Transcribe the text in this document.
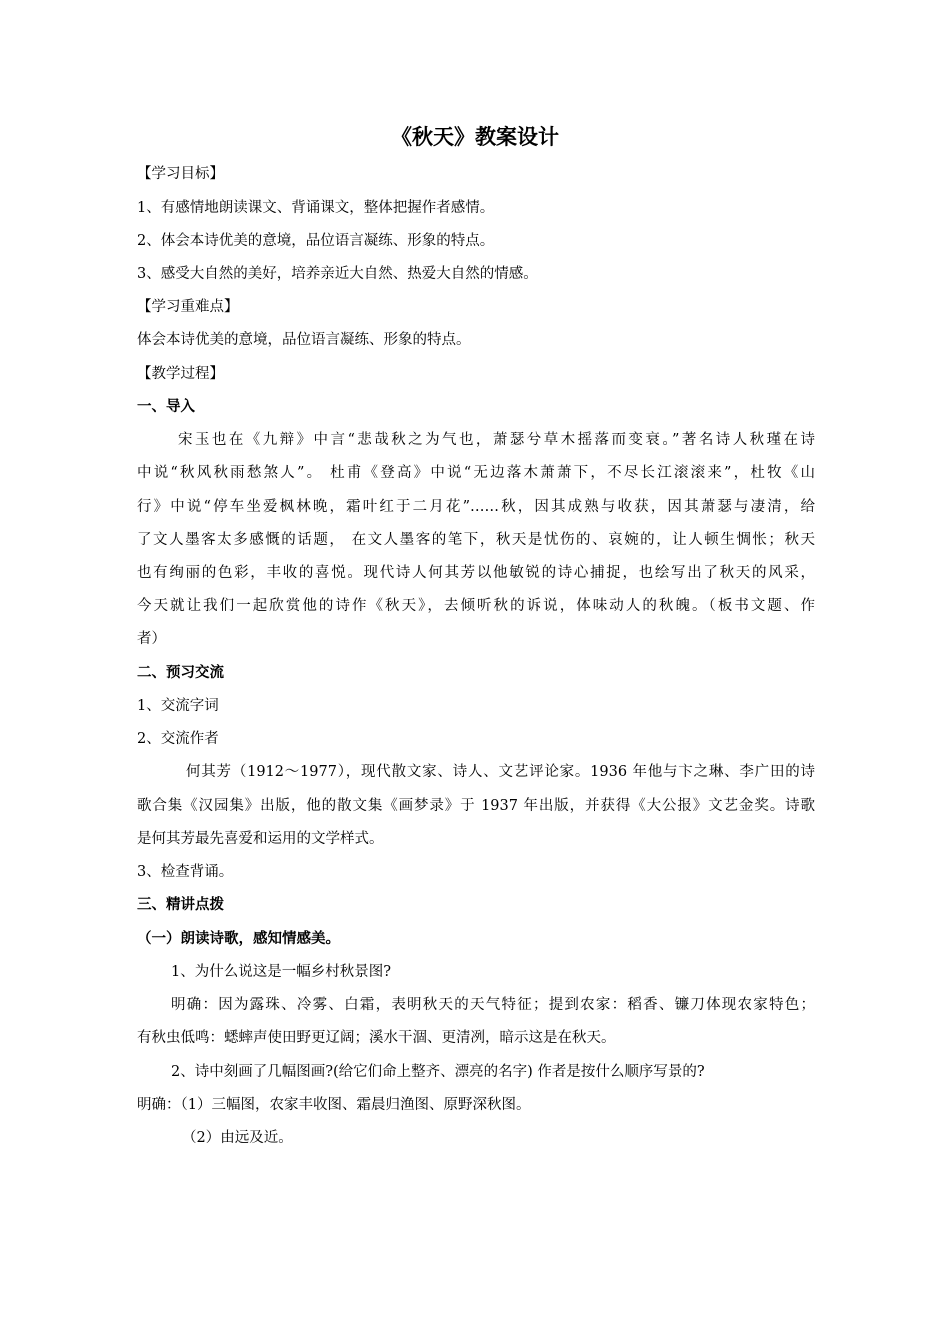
《秋天》教案设计
【学习目标】
1、有感情地朗读课文、背诵课文，整体把握作者感情。
2、体会本诗优美的意境，品位语言凝练、形象的特点。
3、感受大自然的美好，培养亲近大自然、热爱大自然的情感。
【学习重难点】
体会本诗优美的意境，品位语言凝练、形象的特点。
【教学过程】
一、导入
宋玉也在《九辩》中言“悲哉秋之为气也，萧瑟兮草木摇落而变衰。”著名诗人秋瑾在诗
中说“秋风秋雨愁煞人”。 杜甫《登高》中说“无边落木萧萧下，不尽长江滚滚来”，杜牧《山
行》中说“停车坐爱枫林晚，霜叶红于二月花”……秋，因其成熟与收获，因其萧瑟与凄清，给
了文人墨客太多感慨的话题， 在文人墨客的笔下，秋天是忧伤的、哀婉的，让人顿生惆怅；秋天
也有绚丽的色彩，丰收的喜悦。现代诗人何其芳以他敏锐的诗心捕捉，也绘写出了秋天的风采，
今天就让我们一起欣赏他的诗作《秋天》，去倾听秋的诉说，体味动人的秋魄。（板书文题、作
者）
二、预习交流
1、交流字词
2、交流作者
何其芳（1912～1977），现代散文家、诗人、文艺评论家。1936 年他与卞之琳、李广田的诗
歌合集《汉园集》出版，他的散文集《画梦录》于 1937 年出版，并获得《大公报》文艺金奖。诗歌
是何其芳最先喜爱和运用的文学样式。
3、检查背诵。
三、精讲点拨
（一）朗读诗歌，感知情感美。
1、为什么说这是一幅乡村秋景图?
明确：因为露珠、冷雾、白霜，表明秋天的天气特征；提到农家：稻香、镰刀体现农家特色；
有秋虫低鸣：蟋蟀声使田野更辽阔；溪水干涸、更清冽，暗示这是在秋天。
2、诗中刻画了几幅图画?(给它们命上整齐、漂亮的名字) 作者是按什么顺序写景的?
明确：（1）三幅图，农家丰收图、霜晨归渔图、原野深秋图。
（2）由远及近。
